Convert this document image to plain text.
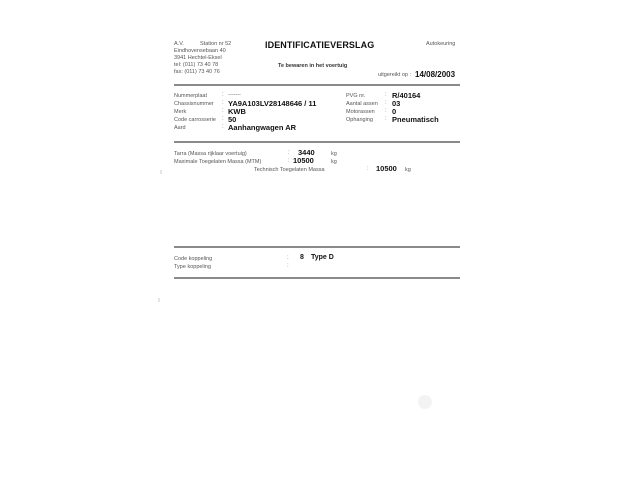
A.V.	Station nr 52
Eindhovensebaan 40
3941 Hechtel-Eksel
tel: (011) 73 40 78
fax: (011) 73 40 76
IDENTIFICATIEVERSLAG	Autokeuring
Te bewaren in het voertuig
uitgereikt op : 14/08/2003
Nummerplaat : -------
Chassisnummer : YA9A103LV28148646 / 11
Merk	: KWB
Code carrosserie : 50
Aard	: Aanhangwagen AR
PVG nr.	: R/40164
Aantal assen : 03
Motorassen : 0
Ophanging : Pneumatisch
Tarra (Massa rijklaar voertuig)	: 3440	kg
Maximale Toegelaten Massa (MTM)	: 10500	kg
Technisch Toegelaten Massa	: 10500 kg
Code koppeling	: 8 Type D
Type koppeling	:
